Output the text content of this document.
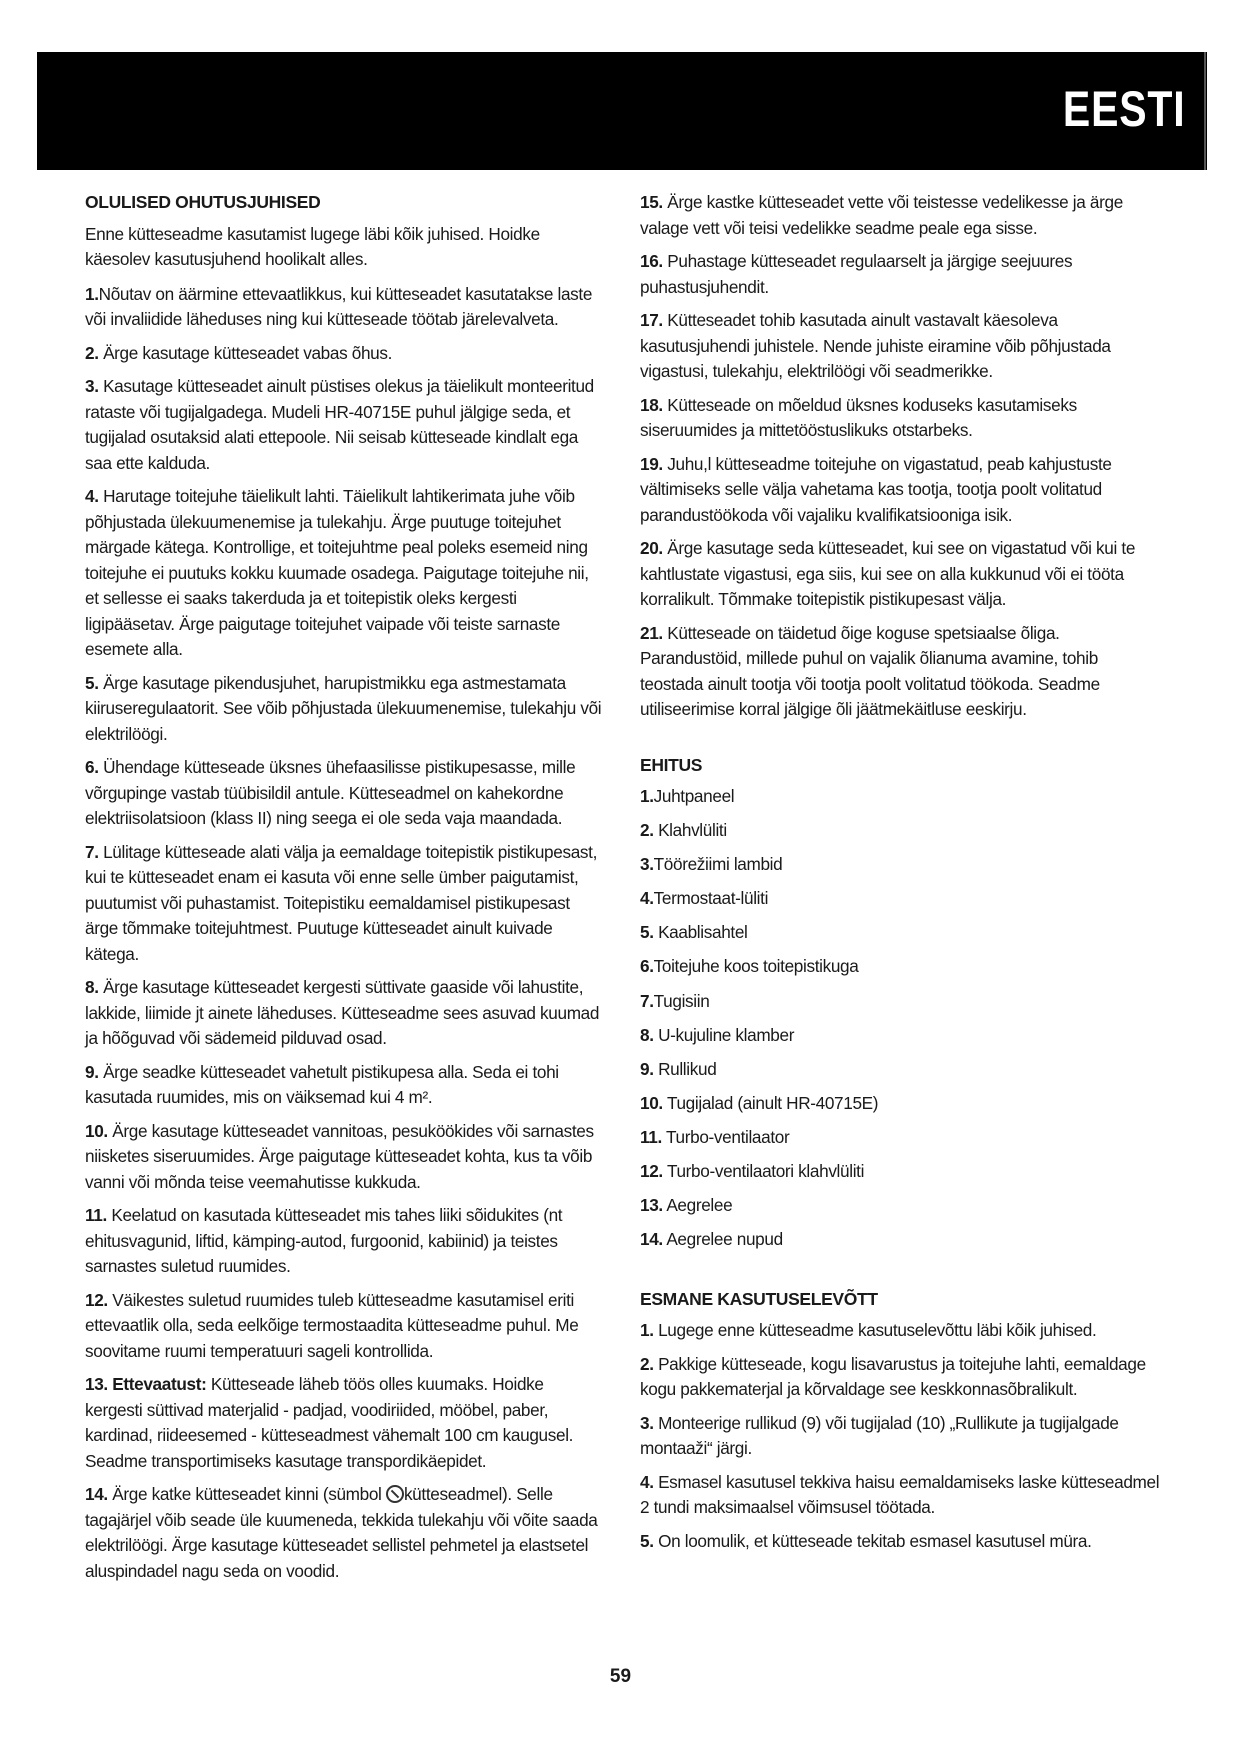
EESTI
OLULISED OHUTUSJUHISED

Enne kütteseadme kasutamist lugege läbi kõik juhised. Hoidke käesolev kasutusjuhend hoolikalt alles.

1.Nõutav on äärmine ettevaatlikkus, kui kütteseadet kasutatakse laste või invaliidide läheduses ning kui kütteseade töötab järelevalveta.

2. Ärge kasutage kütteseadet vabas õhus.

3. Kasutage kütteseadet ainult püstises olekus ja täielikult monteeritud rataste või tugijalgadega. Mudeli HR-40715E puhul jälgige seda, et tugijalad osutaksid alati ettepoole. Nii seisab kütteseade kindlalt ega saa ette kalduda.

4. Harutage toitejuhe täielikult lahti. Täielikult lahtikerimata juhe võib põhjustada ülekuumenemise ja tulekahju. Ärge puutuge toitejuhet märgade kätega. Kontrollige, et toitejuhtme peal poleks esemeid ning toitejuhe ei puutuks kokku kuumade osadega. Paigutage toitejuhe nii, et sellesse ei saaks takerduda ja et toitepistik oleks kergesti ligipääsetav. Ärge paigutage toitejuhet vaipade või teiste sarnaste esemete alla.

5. Ärge kasutage pikendusjuhet, harupistmikku ega astmestamata kiiruseregulaatorit. See võib põhjustada ülekuumenemise, tulekahju või elektrilöögi.

6. Ühendage kütteseade üksnes ühefaasilisse pistikupesasse, mille võrgupinge vastab tüübisildil antule. Kütteseadmel on kahekordne elektriisolatsioon (klass II) ning seega ei ole seda vaja maandada.

7. Lülitage kütteseade alati välja ja eemaldage toitepistik pistikupesast, kui te kütteseadet enam ei kasuta või enne selle ümber paigutamist, puutumist või puhastamist. Toitepistiku eemaldamisel pistikupesast ärge tõmmake toitejuhtmest. Puutuge kütteseadet ainult kuivade kätega.

8. Ärge kasutage kütteseadet kergesti süttivate gaaside või lahustite, lakkide, liimide jt ainete läheduses. Kütteseadme sees asuvad kuumad ja hõõguvad või sädemeid pilduvad osad.

9. Ärge seadke kütteseadet vahetult pistikupesa alla. Seda ei tohi kasutada ruumides, mis on väiksemad kui 4 m².

10. Ärge kasutage kütteseadet vannitoas, pesuköökides või sarnastes niisketes siseruumides. Ärge paigutage kütteseadet kohta, kus ta võib vanni või mõnda teise veemahutisse kukkuda.

11. Keelatud on kasutada kütteseadet mis tahes liiki sõidukites (nt ehitusvagunid, liftid, kämping-autod, furgoonid, kabiinid) ja teistes sarnastes suletud ruumides.

12. Väikestes suletud ruumides tuleb kütteseadme kasutamisel eriti ettevaatlik olla, seda eelkõige termostaadita kütteseadme puhul. Me soovitame ruumi temperatuuri sageli kontrollida.

13. Ettevaatust: Kütteseade läheb töös olles kuumaks. Hoidke kergesti süttivad materjalid - padjad, voodiriided, mööbel, paber, kardinad, riideesemed - kütteseadmest vähemalt 100 cm kaugusel. Seadme transportimiseks kasutage transpordikäepidet.

14. Ärge katke kütteseadet kinni (sümbol kütteseadmel). Selle tagajärjel võib seade üle kuumeneda, tekkida tulekahju või võite saada elektrilöögi. Ärge kasutage kütteseadet sellistel pehmetel ja elastsetel aluspindadel nagu seda on voodid.

15. Ärge kastke kütteseadet vette või teistesse vedelikesse ja ärge valage vett või teisi vedelikke seadme peale ega sisse.

16. Puhastage kütteseadet regulaarselt ja järgige seejuures puhastusjuhendit.

17. Kütteseadet tohib kasutada ainult vastavalt käesoleva kasutusjuhendi juhistele. Nende juhiste eiramine võib põhjustada vigastusi, tulekahju, elektrilöögi või seadmerikke.

18. Kütteseade on mõeldud üksnes koduseks kasutamiseks siseruumides ja mittetööstuslikuks otstarbeks.

19. Juhu,l kütteseadme toitejuhe on vigastatud, peab kahjustuste vältimiseks selle välja vahetama kas tootja, tootja poolt volitatud parandustöökoda või vajaliku kvalifikatsiooniga isik.

20. Ärge kasutage seda kütteseadet, kui see on vigastatud või kui te kahtlustate vigastusi, ega siis, kui see on alla kukkunud või ei tööta korralikult. Tõmmake toitepistik pistikupesast välja.

21. Kütteseade on täidetud õige koguse spetsiaalse õliga. Parandustöid, millede puhul on vajalik õlianuma avamine, tohib teostada ainult tootja või tootja poolt volitatud töökoda. Seadme utiliseerimise korral jälgige õli jäätmekäitluse eeskirju.

EHITUS

1.Juhtpaneel

2. Klahvlüliti

3.Töörežiimi lambid

4.Termostaat-lüliti

5. Kaablisahtel

6.Toitejuhe koos toitepistikuga

7.Tugisiin

8. U-kujuline klamber

9. Rullikud

10. Tugijalad (ainult HR-40715E)

11. Turbo-ventilaator

12. Turbo-ventilaatori klahvlüliti

13. Aegrelee

14. Aegrelee nupud

ESMANE KASUTUSELEVÕTT

1. Lugege enne kütteseadme kasutuselevõttu läbi kõik juhised.

2. Pakkige kütteseade, kogu lisavarustus ja toitejuhe lahti, eemaldage kogu pakkematerjal ja kõrvaldage see keskkonnasõbralikult.

3. Monteerige rullikud (9) või tugijalad (10) „Rullikute ja tugijalgade montaaži“ järgi.

4. Esmasel kasutusel tekkiva haisu eemaldamiseks laske kütteseadmel 2 tundi maksimaalsel võimsusel töötada.

5. On loomulik, et kütteseade tekitab esmasel kasutusel müra.

59
